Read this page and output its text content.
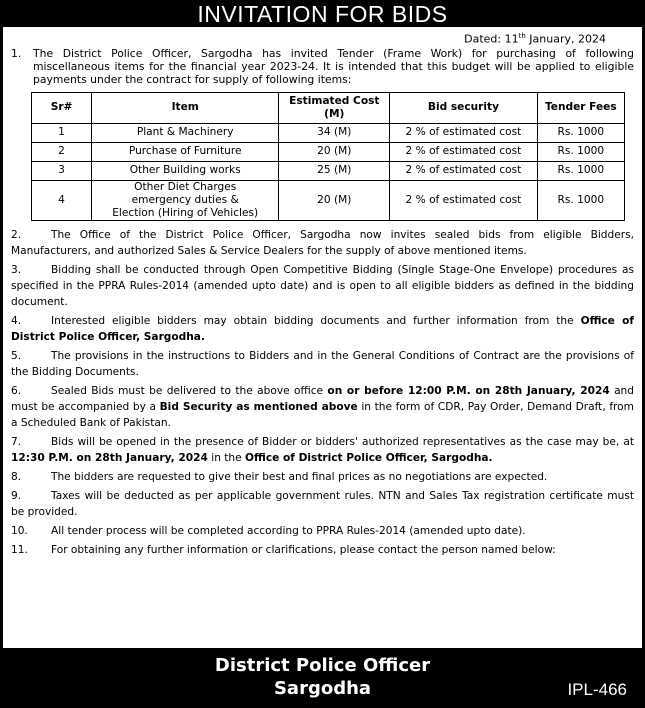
INVITATION FOR BIDS
Dated: 11th January, 2024
1.	The District Police Officer, Sargodha has invited Tender (Frame Work) for purchasing of following miscellaneous items for the financial year 2023-24. It is intended that this budget will be applied to eligible payments under the contract for supply of following items:
Sr#	Item	Estimated Cost (M)	Bid security	Tender Fees
1	Plant & Machinery	34 (M)	2 % of estimated cost	Rs. 1000
2	Purchase of Furniture	20 (M)	2 % of estimated cost	Rs. 1000
3	Other Building works	25 (M)	2 % of estimated cost	Rs. 1000
4	Other Diet Charges emergency duties & Election (Hiring of Vehicles)	20 (M)	2 % of estimated cost	Rs. 1000
2.	The Office of the District Police Officer, Sargodha now invites sealed bids from eligible Bidders, Manufacturers, and authorized Sales & Service Dealers for the supply of above mentioned items.
3.	Bidding shall be conducted through Open Competitive Bidding (Single Stage-One Envelope) procedures as specified in the PPRA Rules-2014 (amended upto date) and is open to all eligible bidders as defined in the bidding document.
4.	Interested eligible bidders may obtain bidding documents and further information from the Office of District Police Officer, Sargodha.
5.	The provisions in the instructions to Bidders and in the General Conditions of Contract are the provisions of the Bidding Documents.
6.	Sealed Bids must be delivered to the above office on or before 12:00 P.M. on 28th January, 2024 and must be accompanied by a Bid Security as mentioned above in the form of CDR, Pay Order, Demand Draft, from a Scheduled Bank of Pakistan.
7.	Bids will be opened in the presence of Bidder or bidders' authorized representatives as the case may be, at 12:30 P.M. on 28th January, 2024 in the Office of District Police Officer, Sargodha.
8.	The bidders are requested to give their best and final prices as no negotiations are expected.
9.	Taxes will be deducted as per applicable government rules. NTN and Sales Tax registration certificate must be provided.
10. All tender process will be completed according to PPRA Rules-2014 (amended upto date).
11. For obtaining any further information or clarifications, please contact the person named below:
District Police Officer
Sargodha	IPL-466
